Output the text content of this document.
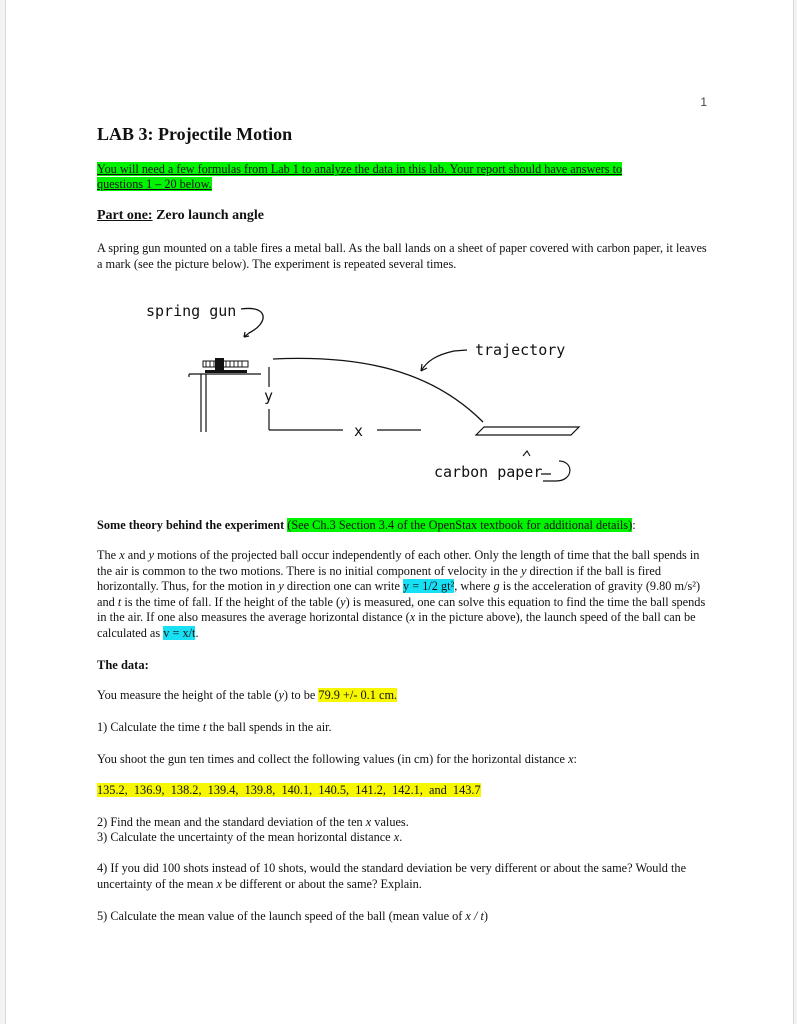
1
LAB 3: Projectile Motion
You will need a few formulas from Lab 1 to analyze the data in this lab. Your report should have answers to questions 1 – 20 below.
Part one: Zero launch angle

A spring gun mounted on a table fires a metal ball. As the ball lands on a sheet of paper covered with carbon paper, it leaves a mark (see the picture below). The experiment is repeated several times.

spring gun
trajectory
y
x
carbon paper
Some theory behind the experiment (See Ch.3 Section 3.4 of the OpenStax textbook for additional details):

The x and y motions of the projected ball occur independently of each other. Only the length of time that the ball spends in the air is common to the two motions. There is no initial component of velocity in the y direction if the ball is fired horizontally. Thus, for the motion in y direction one can write y = 1/2 gt², where g is the acceleration of gravity (9.80 m/s²) and t is the time of fall. If the height of the table (y) is measured, one can solve this equation to find the time the ball spends in the air. If one also measures the average horizontal distance (x in the picture above), the launch speed of the ball can be calculated as v = x/t.

The data:

You measure the height of the table (y) to be 79.9 +/- 0.1 cm.

1) Calculate the time t the ball spends in the air.

You shoot the gun ten times and collect the following values (in cm) for the horizontal distance x:

135.2,  136.9,  138.2,  139.4,  139.8,  140.1,  140.5,  141.2,  142.1,  and  143.7

2) Find the mean and the standard deviation of the ten x values.

3) Calculate the uncertainty of the mean horizontal distance x.

4) If you did 100 shots instead of 10 shots, would the standard deviation be very different or about the same? Would the uncertainty of the mean x be different or about the same? Explain.

5) Calculate the mean value of the launch speed of the ball (mean value of x / t)
